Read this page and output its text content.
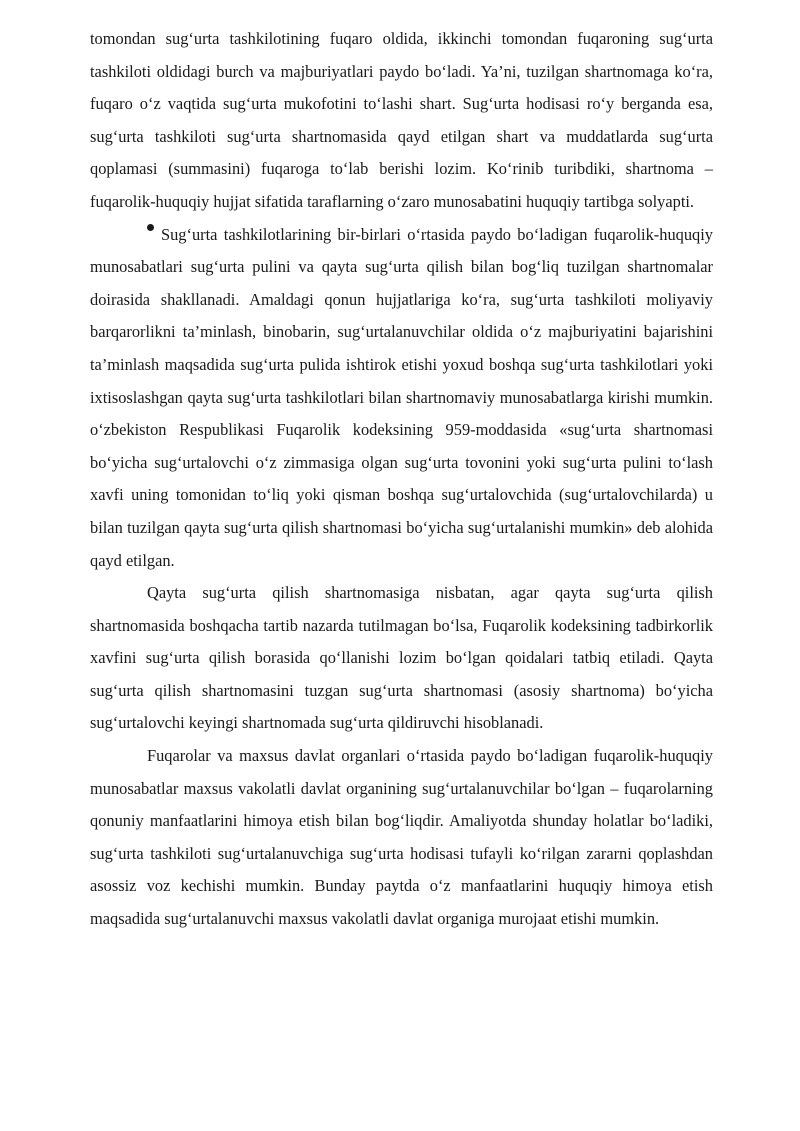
tomondan sug‘urta tashkilotining fuqaro oldida, ikkinchi tomondan fuqaroning sug‘urta tashkiloti oldidagi burch va majburiyatlari paydo bo‘ladi. Ya’ni, tuzilgan shartnomaga ko‘ra, fuqaro o‘z vaqtida sug‘urta mukofotini to‘lashi shart. Sug‘urta hodisasi ro‘y berganda esa, sug‘urta tashkiloti sug‘urta shartnomasida qayd etilgan shart va muddatlarda sug‘urta qoplamasi (summasini) fuqaroga to‘lab berishi lozim. Ko‘rinib turibdiki, shartnoma –fuqarolik-huquqiy hujjat sifatida taraflarning o‘zaro munosabatini huquqiy tartibga solyapti.

Sug‘urta tashkilotlarining bir-birlari o‘rtasida paydo bo‘ladigan fuqarolik-huquqiy munosabatlari sug‘urta pulini va qayta sug‘urta qilish bilan bog‘liq tuzilgan shartnomalar doirasida shakllanadi. Amaldagi qonun hujjatlariga ko‘ra, sug‘urta tashkiloti moliyaviy barqarorlikni ta’minlash, binobarin, sug‘urtalanuvchilar oldida o‘z majburiyatini bajarishini ta’minlash maqsadida sug‘urta pulida ishtirok etishi yoxud boshqa sug‘urta tashkilotlari yoki ixtisoslashgan qayta sug‘urta tashkilotlari bilan shartnomaviy munosabatlarga kirishi mumkin. o‘zbekiston Respublikasi Fuqarolik kodeksining 959-moddasida «sug‘urta shartnomasi bo‘yicha sug‘urtalovchi o‘z zimmasiga olgan sug‘urta tovonini yoki sug‘urta pulini to‘lash xavfi uning tomonidan to‘liq yoki qisman boshqa sug‘urtalovchida (sug‘urtalovchilarda) u bilan tuzilgan qayta sug‘urta qilish shartnomasi bo‘yicha sug‘urtalanishi mumkin» deb alohida qayd etilgan.

Qayta sug‘urta qilish shartnomasiga nisbatan, agar qayta sug‘urta qilish shartnomasida boshqacha tartib nazarda tutilmagan bo‘lsa, Fuqarolik kodeksining tadbirkorlik xavfini sug‘urta qilish borasida qo‘llanishi lozim bo‘lgan qoidalari tatbiq etiladi. Qayta sug‘urta qilish shartnomasini tuzgan sug‘urta shartnomasi (asosiy shartnoma) bo‘yicha sug‘urtalovchi keyingi shartnomada sug‘urta qildiruvchi hisoblanadi.

Fuqarolar va maxsus davlat organlari o‘rtasida paydo bo‘ladigan fuqarolik-huquqiy munosabatlar maxsus vakolatli davlat organining sug‘urtalanuvchilar bo‘lgan – fuqarolarning qonuniy manfaatlarini himoya etish bilan bog‘liqdir. Amaliyotda shunday holatlar bo‘ladiki, sug‘urta tashkiloti sug‘urtalanuvchiga sug‘urta hodisasi tufayli ko‘rilgan zararni qoplashdan asossiz voz kechishi mumkin. Bunday paytda o‘z manfaatlarini huquqiy himoya etish maqsadida sug‘urtalanuvchi maxsus vakolatli davlat organiga murojaat etishi mumkin.
